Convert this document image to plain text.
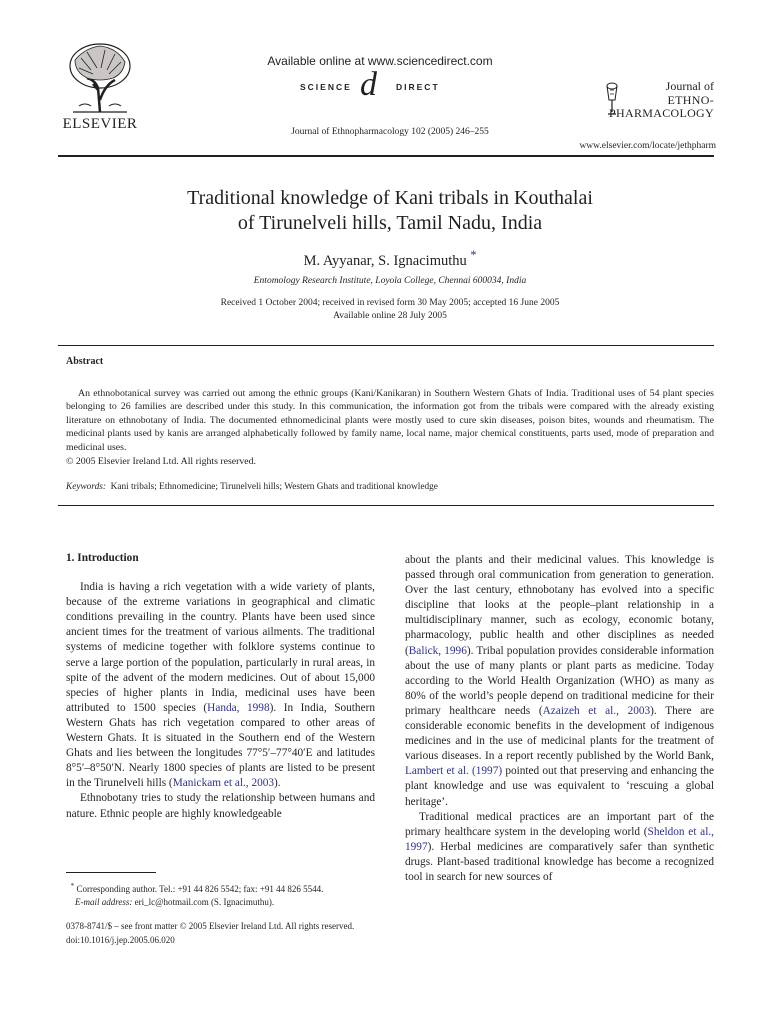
ELSEVIER
Available online at www.sciencedirect.com
SCIENCE d DIRECT
Journal of Ethnopharmacology 102 (2005) 246–255
Journal of
ETHNO-
PHARMACOLOGY
www.elsevier.com/locate/jethpharm
Traditional knowledge of Kani tribals in Kouthalai
of Tirunelveli hills, Tamil Nadu, India
M. Ayyanar, S. Ignacimuthu *
Entomology Research Institute, Loyola College, Chennai 600034, India
Received 1 October 2004; received in revised form 30 May 2005; accepted 16 June 2005
Available online 28 July 2005
Abstract

An ethnobotanical survey was carried out among the ethnic groups (Kani/Kanikaran) in Southern Western Ghats of India. Traditional uses of 54 plant species belonging to 26 families are described under this study. In this communication, the information got from the tribals were compared with the already existing literature on ethnobotany of India. The documented ethnomedicinal plants were mostly used to cure skin diseases, poison bites, wounds and rheumatism. The medicinal plants used by kanis are arranged alphabetically followed by family name, local name, major chemical constituents, parts used, mode of preparation and medicinal uses.

© 2005 Elsevier Ireland Ltd. All rights reserved.
Keywords: Kani tribals; Ethnomedicine; Tirunelveli hills; Western Ghats and traditional knowledge
1. Introduction

India is having a rich vegetation with a wide variety of plants, because of the extreme variations in geographical and climatic conditions prevailing in the country. Plants have been used since ancient times for the treatment of various ailments. The traditional systems of medicine together with folklore systems continue to serve a large portion of the population, particularly in rural areas, in spite of the advent of the modern medicines. Out of about 15,000 species of higher plants in India, medicinal uses have been attributed to 1500 species (Handa, 1998). In India, Southern Western Ghats has rich vegetation compared to other areas of Western Ghats. It is situated in the Southern end of the Western Ghats and lies between the longitudes 77°5′–77°40′E and latitudes 8°5′–8°50′N. Nearly 1800 species of plants are listed to be present in the Tirunelveli hills (Manickam et al., 2003).

Ethnobotany tries to study the relationship between humans and nature. Ethnic people are highly knowledgeable

* Corresponding author. Tel.: +91 44 826 5542; fax: +91 44 826 5544.
E-mail address: eri_lc@hotmail.com (S. Ignacimuthu).
0378-8741/$ – see front matter © 2005 Elsevier Ireland Ltd. All rights reserved.
doi:10.1016/j.jep.2005.06.020

about the plants and their medicinal values. This knowledge is passed through oral communication from generation to generation. Over the last century, ethnobotany has evolved into a specific discipline that looks at the people–plant relationship in a multidisciplinary manner, such as ecology, economic botany, pharmacology, public health and other disciplines as needed (Balick, 1996). Tribal population provides considerable information about the use of many plants or plant parts as medicine. Today according to the World Health Organization (WHO) as many as 80% of the world’s people depend on traditional medicine for their primary healthcare needs (Azaizeh et al., 2003). There are considerable economic benefits in the development of indigenous medicines and in the use of medicinal plants for the treatment of various diseases. In a report recently published by the World Bank, Lambert et al. (1997) pointed out that preserving and enhancing the plant knowledge and use was equivalent to ‘rescuing a global heritage’.

Traditional medical practices are an important part of the primary healthcare system in the developing world (Sheldon et al., 1997). Herbal medicines are comparatively safer than synthetic drugs. Plant-based traditional knowledge has become a recognized tool in search for new sources of
